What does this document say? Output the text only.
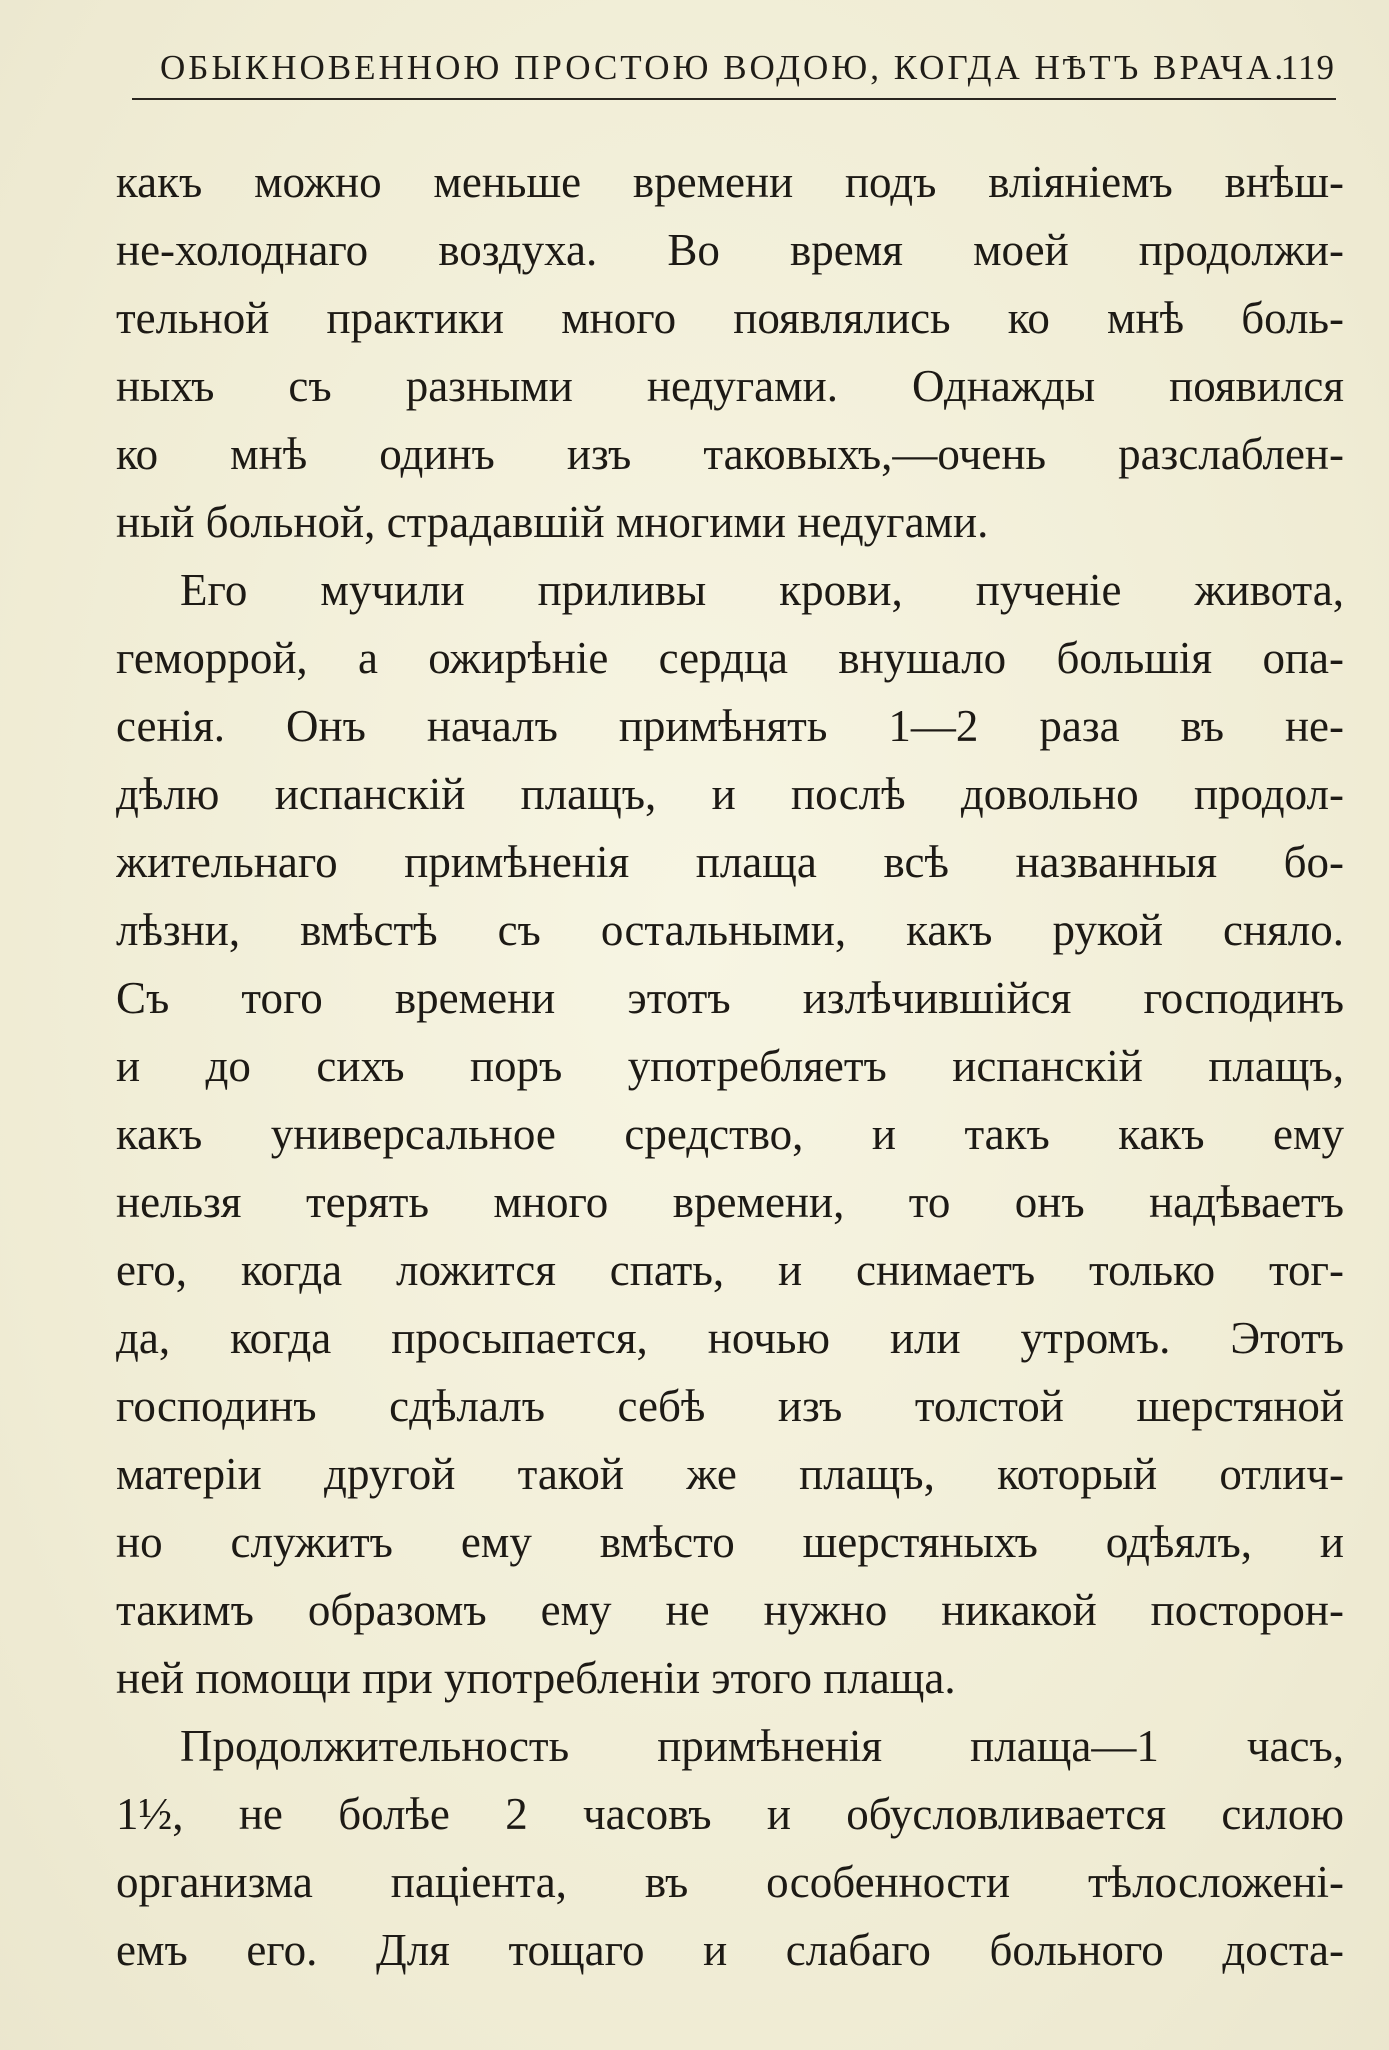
ОБЫКНОВЕННОЮ ПРОСТОЮ ВОДОЮ, КОГДА НѢТЪ ВРАЧА.
119
какъ можно меньше времени подъ вліяніемъ внѣш-
не-холоднаго воздуха. Во время моей продолжи-
тельной практики много появлялись ко мнѣ боль-
ныхъ съ разными недугами. Однажды появился
ко мнѣ одинъ изъ таковыхъ,—очень разслаблен-
ный больной, страдавшій многими недугами.
Его мучили приливы крови, пученіе живота,
геморрой, а ожирѣніе сердца внушало большія опа-
сенія. Онъ началъ примѣнять 1—2 раза въ не-
дѣлю испанскій плащъ, и послѣ довольно продол-
жительнаго примѣненія плаща всѣ названныя бо-
лѣзни, вмѣстѣ съ остальными, какъ рукой сняло.
Съ того времени этотъ излѣчившійся господинъ
и до сихъ поръ употребляетъ испанскій плащъ,
какъ универсальное средство, и такъ какъ ему
нельзя терять много времени, то онъ надѣваетъ
его, когда ложится спать, и снимаетъ только тог-
да, когда просыпается, ночью или утромъ. Этотъ
господинъ сдѣлалъ себѣ изъ толстой шерстяной
матеріи другой такой же плащъ, который отлич-
но служитъ ему вмѣсто шерстяныхъ одѣялъ, и
такимъ образомъ ему не нужно никакой посторон-
ней помощи при употребленіи этого плаща.
Продолжительность примѣненія плаща—1 часъ,
1½, не болѣе 2 часовъ и обусловливается силою
организма паціента, въ особенности тѣлосложені-
емъ его. Для тощаго и слабаго больного доста-
